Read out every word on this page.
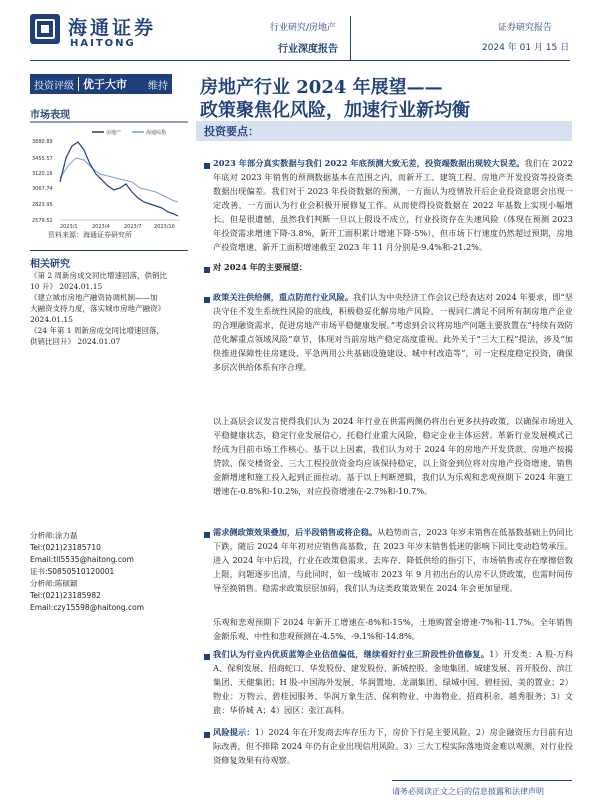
海通证券
HAITONG
行业研究/房地产
行业深度报告
证券研究报告
2024 年 01 月 15 日
投资评级 优于大市	维持 房地产行业 2024 年展望——
政策聚焦化风险，加速行业新均衡
投资要点：
市场表现
房地产	海通综指
3880.89
3455.57
3120.16
3067.74
2823.95
2579.52
2023/1	2023/4	2023/7 2023/10
资料来源：海通证券研究所
相关研究
《第 2 周新房成交同比增速回落，供销比
10 升》 2024.01.15
《建立城市房地产融资协调机制——加
大融资支持力度，落实城市房地产融资》
2024.01.15
《24 年第 1 周新房成交同比增速回落，
供销比回升》 2024.01.07
分析师:涂力磊
Tel:(021)23185710
Email:tll5535@haitong.com
证书:S0850510120001
分析师:陈硕颖
Tel:(021)23185982
Email:czy15598@haitong.com
2023 年部分真实数据与我们 2022 年底预测大致无差，投资端数据出现较大误差。我们在 2022 年底对 2023 年销售的预测数据基本在范围之内，而新开工、建筑工程、房地产开发投资等投资类数据出现偏差。我们对于 2023 年投资数据的预测，一方面认为疫情放开后企业投资意愿会出现一定改善，一方面认为行业会积极开展修复工作。从而使得投资数据在 2022 年基数上实现小幅增长。但是很遗憾，虽然我们判断一旦以上假设不成立，行业投资存在失速风险（体现在预测 2023 年投资需求增速下降-3.8%，新开工面积累计增速下降-5%），但市场下行速度仍然超过预期，房地产投资增速、新开工面积增速截至 2023 年 11 月分别是-9.4%和-21.2%。
对 2024 年的主要展望：
政策关注供给侧，重点防范行业风险。我们认为中央经济工作会议已经表达对 2024 年要求，即“坚决守住不发生系统性风险的底线，积极稳妥化解房地产风险，一视同仁满足不同所有制房地产企业的合理融资需求，促进房地产市场平稳健康发展。”考虑到会议将房地产问题主要放置在“持续有效防范化解重点领域风险”章节，体现对当前房地产稳定高度重视。此外关于“三大工程”提法，涉及“加快推进保障性住房建设、平急两用公共基础设施建设、城中村改造等”，可一定程度稳定投资，确保多层次供给体系有序合理。
以上高层会议发言使得我们认为 2024 年行业在供需两侧仍将出台更多扶持政策，以确保市场进入平稳健康状态，稳定行业发展信心，托稳行业重大风险，稳定企业主体运营。革新行业发展模式已经成为目前市场工作核心。基于以上因素，我们认为对于 2024 年的房地产开发贷款、房地产按揭贷款、保交楼资金、三大工程投放资金均应该保持稳定，以上资金到位将对房地产投资增速、销售金额增速和施工投入起到正面拉动。基于以上判断逻辑，我们认为乐观和悲观预期下 2024 年施工增速在-0.8%和-10.2%，对应投资增速在-2.7%和-10.7%。
需求侧政策效果叠加，后半段销售或将企稳。从趋势而言，2023 年岁末销售在低基数基础上仍同比下跌，随后 2024 年年初对应销售高基数，在 2023 年岁末销售低迷的影响下同比变动趋势承压。进入 2024 年中后段，行业在政策稳需求、去库存、降低供给的指引下，市场销售或存在摩擦倍数上限，问题逐步出清，与此同时，如一线城市 2023 年 9 月初出台的认房不认贷政策，也需时间传导至换销售。稳需求政策层层加码，我们认为这类政策效果在 2024 年会更加显现。
乐观和悲观预期下 2024 年新开工增速在-8%和-15%，土地购置金增速-7%和-11.7%。全年销售金额乐观、中性和悲观预测在-4.5%、-9.1%和-14.8%。
我们认为行业内优质蓝筹企业估值偏低，继续看好行业三阶段性价值修复。1）开发类：A 股-万科 A、保利发展、招商蛇口、华发股份、建发股份、新城控股、金地集团、城建发展、首开股份、滨江集团、天健集团；H 股-中国海外发展、华润置地、龙湖集团、绿城中国、碧桂园、美的置业；2）物业：万物云、碧桂园服务、华润万象生活、保利物业、中海物业、招商积余、越秀服务；3）文旅：华侨城 A；4）园区：张江高科。
风险提示：1）2024 年在开发商去库存压力下，房价下行是主要风险。2）房企融资压力目前有边际改善，但不排除 2024 年仍有企业出现信用风险。3）三大工程实际落地资金难以观测，对行业投资修复效果有待观察。
请务必阅读正文之后的信息披露和法律声明
